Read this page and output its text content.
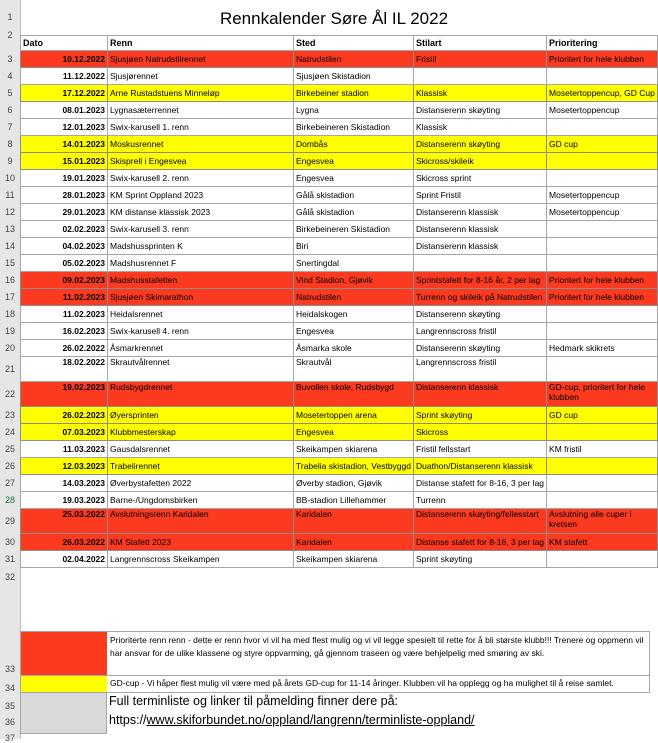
1
2
3
4
5
6
7
8
9
10
11
12
13
14
15
16
17
18
19
20
21
22
23
24
25
26
27
28
29
30
31
32
33
34
35
36
37
Rennkalender Søre Ål IL 2022
Dato	Renn	Sted	Stilart	Prioritering
10.12.2022	Sjusjøen Natrudstilrennet	Natrudstilen	Fristil	Prioritert for hele klubben
11.12.2022	Sjusjørennet	Sjusjøen Skistadion		
17.12.2022	Arne Rustadstuens Minneløp	Birkebeiner stadion	Klassisk	Mosetertoppencup, GD Cup
08.01.2023	Lygnasæterrennet	Lygna	Distanserenn skøyting	Mosetertoppencup
12.01.2023	Swix-karusell 1. renn	Birkebeineren Skistadion	Klassisk	
14.01.2023	Moskusrennet	Dombås	Distanserenn skøyting	GD cup
15.01.2023	Skisprell i Engesvea	Engesvea	Skicross/skileik	
19.01.2023	Swix-karusell 2. renn	Engesvea	Skicross sprint	
28.01.2023	KM Sprint Oppland 2023	Gålå skistadion	Sprint Fristil	Mosetertoppencup
29.01.2023	KM distanse klassisk 2023	Gålå skistadion	Distanserenn klassisk	Mosetertoppencup
02.02.2023	Swix-karusell 3. renn	Birkebeineren Skistadion	Distanserenn klassisk	
04.02.2023	Madshussprinten K	Biri	Distanserenn klassisk	
05.02.2023	Madshusrennet F	Snertingdal		
09.02.2023	Madshusstafetten	Vind Stadion, Gjøvik	Sprintstafett for 8-16 år, 2 per lag	Prioritert for hele klubben
11.02.2023	Sjusjøen Skimarathon	Natrudstilen	Turrenn og skileik på Natrudstilen	Prioritert for hele klubben
11.02.2023	Heidalsrennet	Heidalskogen	Distanserenn skøyting	
16.02.2023	Swix-karusell 4. renn	Engesvea	Langrennscross fristil	
26.02.2022	Åsmarkrennet	Åsmarka skole	Distanserenn skøyting	Hedmark skikrets
18.02.2022	Skrautvålrennet	Skrautvål	Langrennscross fristil	
19.02.2023	Rudsbygdrennet	Buvollen skole, Rudsbygd	Distanserenn klassisk	GD-cup, prioritert for hele klubben
26.02.2023	Øyersprinten	Mosetertoppen arena	Sprint skøyting	GD cup
07.03.2023	Klubbmesterskap	Engesvea	Skicross	
11.03.2023	Gausdalsrennet	Skeikampen skiarena	Fristil fellsstart	KM fristil
12.03.2023	Trabelirennet	Trabelia skistadion, Vestbyggd	Duathon/Distanserenn klassisk	
14.03.2023	Øverbystafetten 2022	Øverby stadion, Gjøvik	Distanse stafett for 8-16, 3 per lag	
19.03.2023	Barne-/Ungdomsbirken	BB-stadion Lillehammer	Turrenn	
25.03.2022	Avslutningsrenn Karidalen	Karidalen	Distanserenn skøyting/fellesstart	Avslutning alle cuper i kretsen
26.03.2022	KM Stafett 2023	Karidalen	Distanse stafett for 8-16, 3 per lag	KM stafett
02.04.2022	Langrennscross Skeikampen	Skeikampen skiarena	Sprint skøyting	
Prioriterte renn renn - dette er renn hvor vi vil ha med flest mulig og vi vil legge spesielt til rette for å bli største klubb!!! Trenere og oppmenn vil har ansvar for de ulike klassene og styre oppvarming, gå gjennom traseen og være behjelpelig med smøring av ski.
GD-cup - Vi håper flest mulig vil være med på årets GD-cup for 11-14 åringer. Klubben vil ha opplegg og ha mulighet til å reise samlet.
Full terminliste og linker til påmelding finner dere på:
https://www.skiforbundet.no/oppland/langrenn/terminliste-oppland/
